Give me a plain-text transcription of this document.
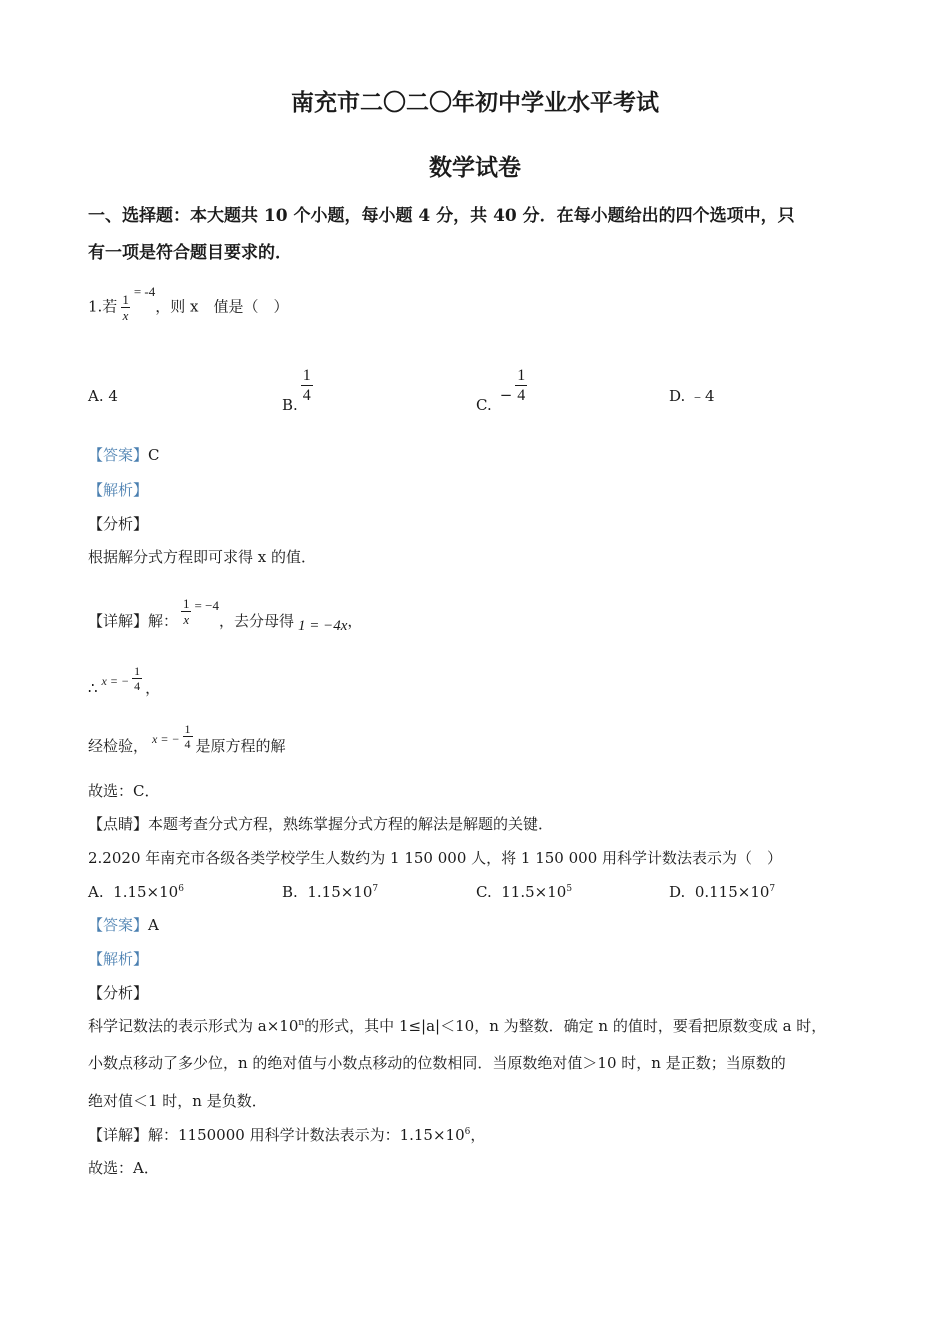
南充市二〇二〇年初中学业水平考试
数学试卷
一、选择题：本大题共 10 个小题，每小题 4 分，共 40 分．在每小题给出的四个选项中，只
有一项是符合题目要求的．
1.若 $\frac{1}{x}$
= -4，则 x　值是（　）
A. 4	B. $\frac{1}{4}$	$C.- \frac{1}{4}$	D. ﹣4
【答案】C
【解析】
【分析】
根据解分式方程即可求得 x 的值．
【详解】解： $\frac{1}{x} = -4$，去分母得 1 = −4x，
∴ x = − $\frac{1}{4}$ ，
经检验， x = − $\frac{1}{4}$ 是原方程的解
故选：C．
【点睛】本题考查分式方程，熟练掌握分式方程的解法是解题的关键．
2.2020 年南充市各级各类学校学生人数约为 1 150 000 人，将 1 150 000 用科学计数法表示为（　）
A. $1.15\times 10^6$	B. $1.15\times 10^7$	C. $11.5\times 10^5$	D. $0.115\times 10^7$
【答案】A
【解析】
【分析】
科学记数法的表示形式为 $a\times 10^n$的形式，其中 1≤|a|＜10，n 为整数．确定 n 的值时，要看把原数变成 a 时，
小数点移动了多少位，n 的绝对值与小数点移动的位数相同．当原数绝对值＞10 时，n 是正数；当原数的
绝对值＜1 时，n 是负数．
【详解】解：1150000 用科学计数法表示为：$1.15\times 10^6$，
故选：A．
